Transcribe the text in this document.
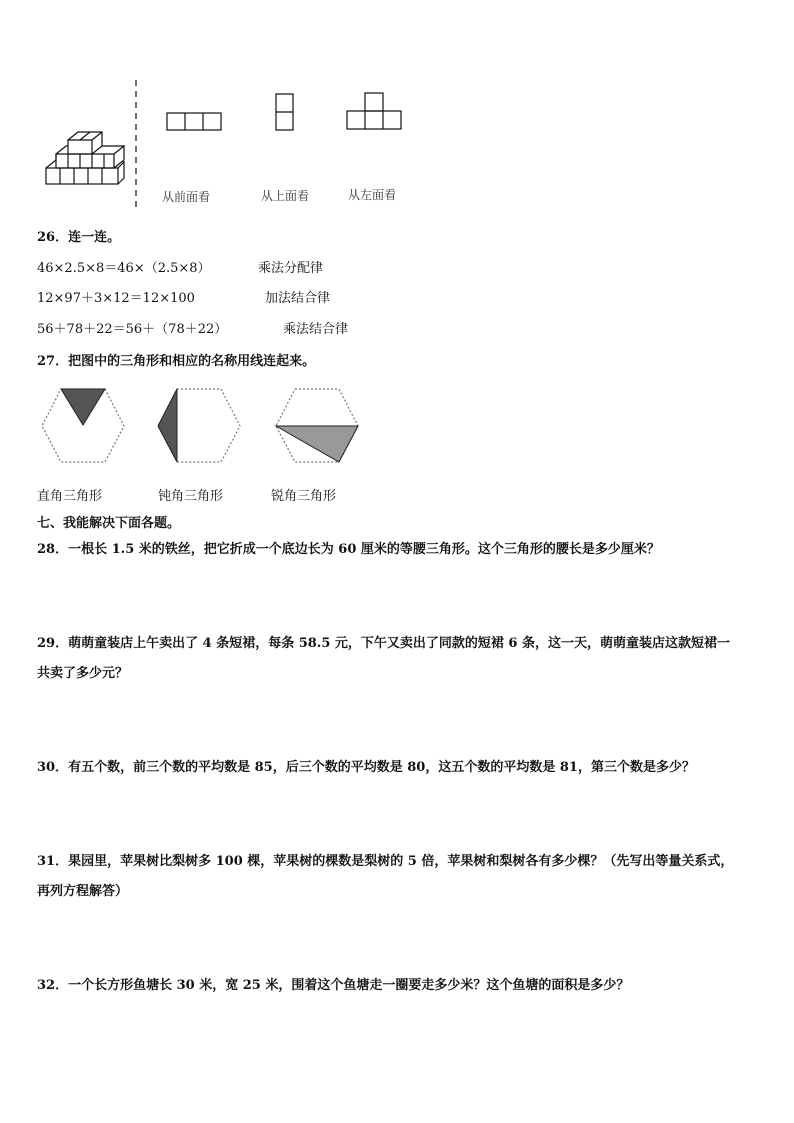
从前面看	从上面看	从左面看
26．连一连。
46×2.5×8＝46×（2.5×8）	乘法分配律
12×97＋3×12＝12×100	加法结合律
56＋78＋22＝56＋（78＋22）	乘法结合律
27．把图中的三角形和相应的名称用线连起来。
直角三角形	钝角三角形	锐角三角形
七、我能解决下面各题。
28．一根长 1.5 米的铁丝，把它折成一个底边长为 60 厘米的等腰三角形。这个三角形的腰长是多少厘米？
29．萌萌童装店上午卖出了 4 条短裙，每条 58.5 元，下午又卖出了同款的短裙 6 条，这一天，萌萌童装店这款短裙一
共卖了多少元？
30．有五个数，前三个数的平均数是 85，后三个数的平均数是 80，这五个数的平均数是 81，第三个数是多少？
31．果园里，苹果树比梨树多 100 棵，苹果树的棵数是梨树的 5 倍，苹果树和梨树各有多少棵？（先写出等量关系式，
再列方程解答）
32．一个长方形鱼塘长 30 米，宽 25 米，围着这个鱼塘走一圈要走多少米？这个鱼塘的面积是多少？
